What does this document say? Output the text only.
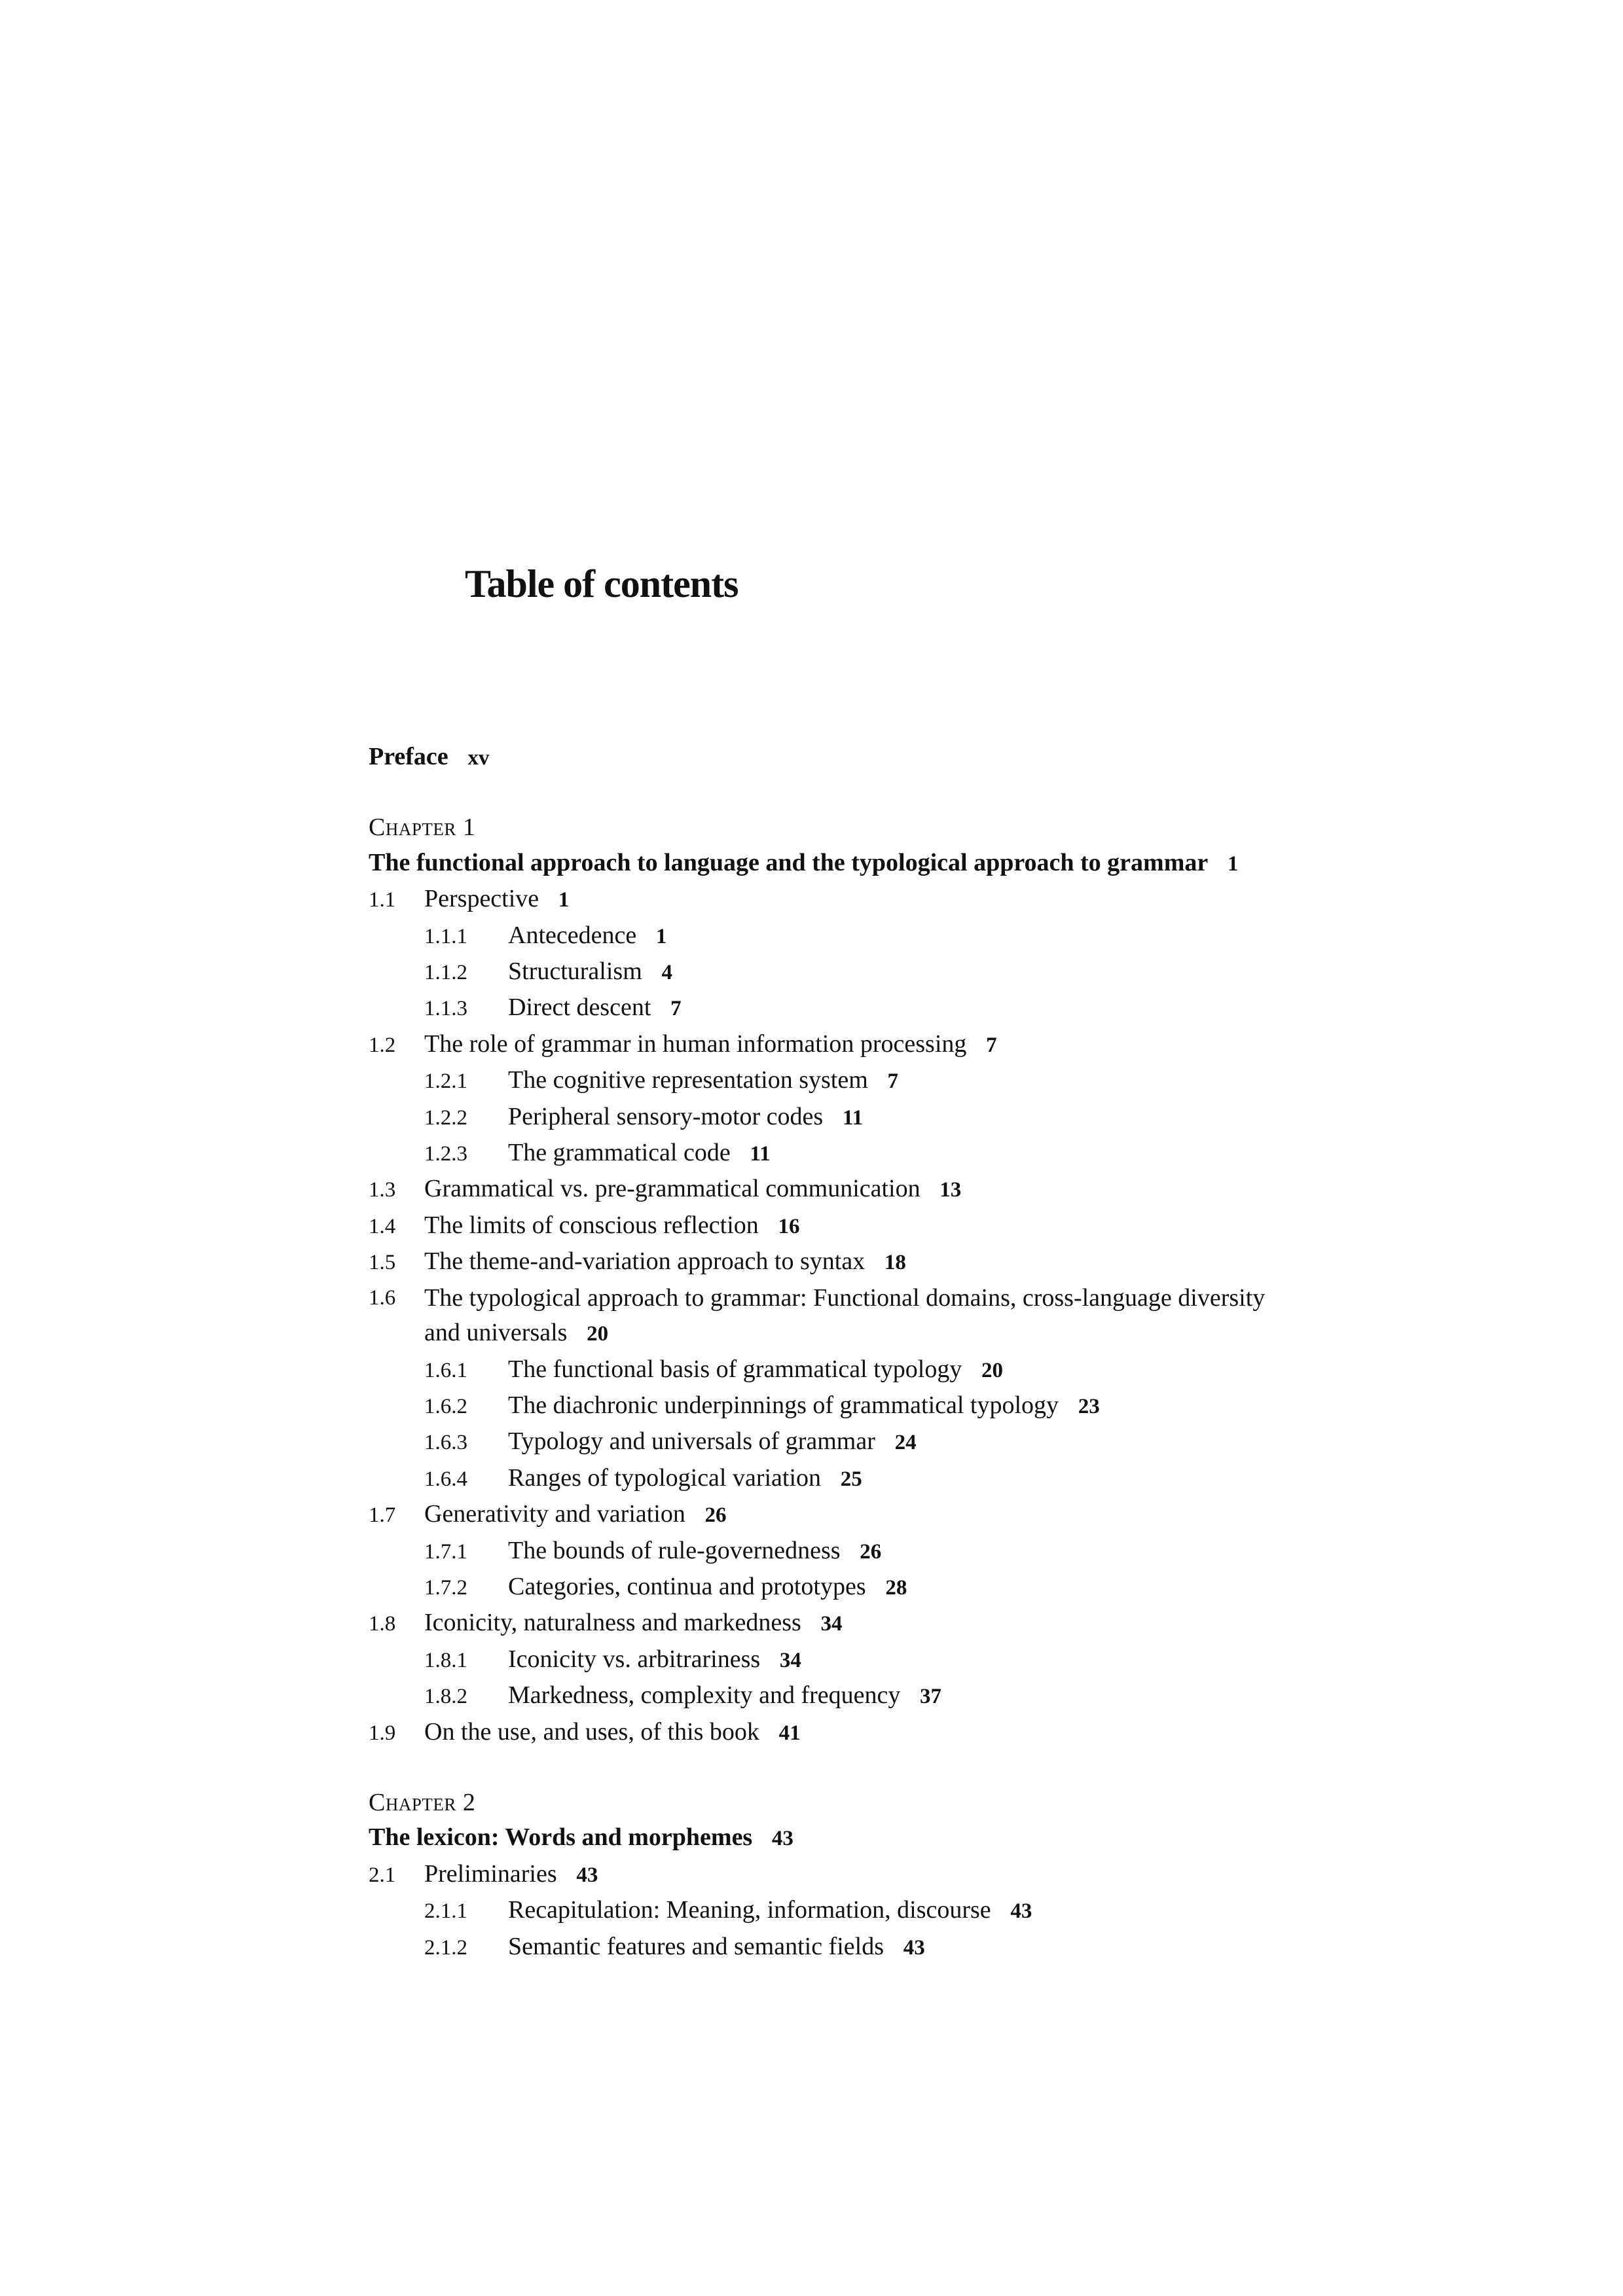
Table of contents
Preface xv
Chapter 1
The functional approach to language and the typological approach to grammar 1
1.1	Perspective 1
1.1.1	Antecedence 1
1.1.2	Structuralism 4
1.1.3	Direct descent 7
1.2	The role of grammar in human information processing 7
1.2.1	The cognitive representation system 7
1.2.2	Peripheral sensory-motor codes 11
1.2.3	The grammatical code 11
1.3	Grammatical vs. pre-grammatical communication 13
1.4	The limits of conscious reflection 16
1.5	The theme-and-variation approach to syntax 18
1.6	The typological approach to grammar: Functional domains, cross-language diversity and universals 20
1.6.1	The functional basis of grammatical typology 20
1.6.2	The diachronic underpinnings of grammatical typology 23
1.6.3	Typology and universals of grammar 24
1.6.4	Ranges of typological variation 25
1.7	Generativity and variation 26
1.7.1	The bounds of rule-governedness 26
1.7.2	Categories, continua and prototypes 28
1.8	Iconicity, naturalness and markedness 34
1.8.1	Iconicity vs. arbitrariness 34
1.8.2	Markedness, complexity and frequency 37
1.9	On the use, and uses, of this book 41
Chapter 2
The lexicon: Words and morphemes 43
2.1	Preliminaries 43
2.1.1	Recapitulation: Meaning, information, discourse 43
2.1.2	Semantic features and semantic fields 43
